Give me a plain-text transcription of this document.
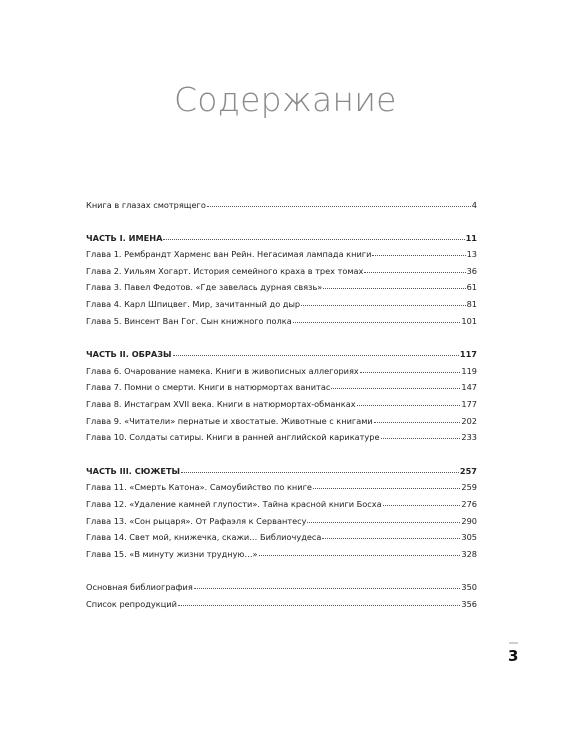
Содержание
Книга в глазах смотрящего	4
ЧАСТЬ I. ИМЕНА	11
Глава 1. Рембрандт Харменс ван Рейн. Негасимая лампада книги	13
Глава 2. Уильям Хогарт. История семейного краха в трех томах	36
Глава 3. Павел Федотов. «Где завелась дурная связь»	61
Глава 4. Карл Шпицвег. Мир, зачитанный до дыр	81
Глава 5. Винсент Ван Гог. Сын книжного полка	101
ЧАСТЬ II. ОБРАЗЫ	117
Глава 6. Очарование намека. Книги в живописных аллегориях	119
Глава 7. Помни о смерти. Книги в натюрмортах ванитас	147
Глава 8. Инстаграм XVII века. Книги в натюрмортах-обманках	177
Глава 9. «Читатели» пернатые и хвостатые. Животные с книгами	202
Глава 10. Солдаты сатиры. Книги в ранней английской карикатуре	233
ЧАСТЬ III. СЮЖЕТЫ	257
Глава 11. «Смерть Катона». Самоубийство по книге	259
Глава 12. «Удаление камней глупости». Тайна красной книги Босха	276
Глава 13. «Сон рыцаря». От Рафаэля к Сервантесу	290
Глава 14. Свет мой, книжечка, скажи… Библиочудеса	305
Глава 15. «В минуту жизни трудную…»	328
Основная библиография	350
Список репродукций	356
3
